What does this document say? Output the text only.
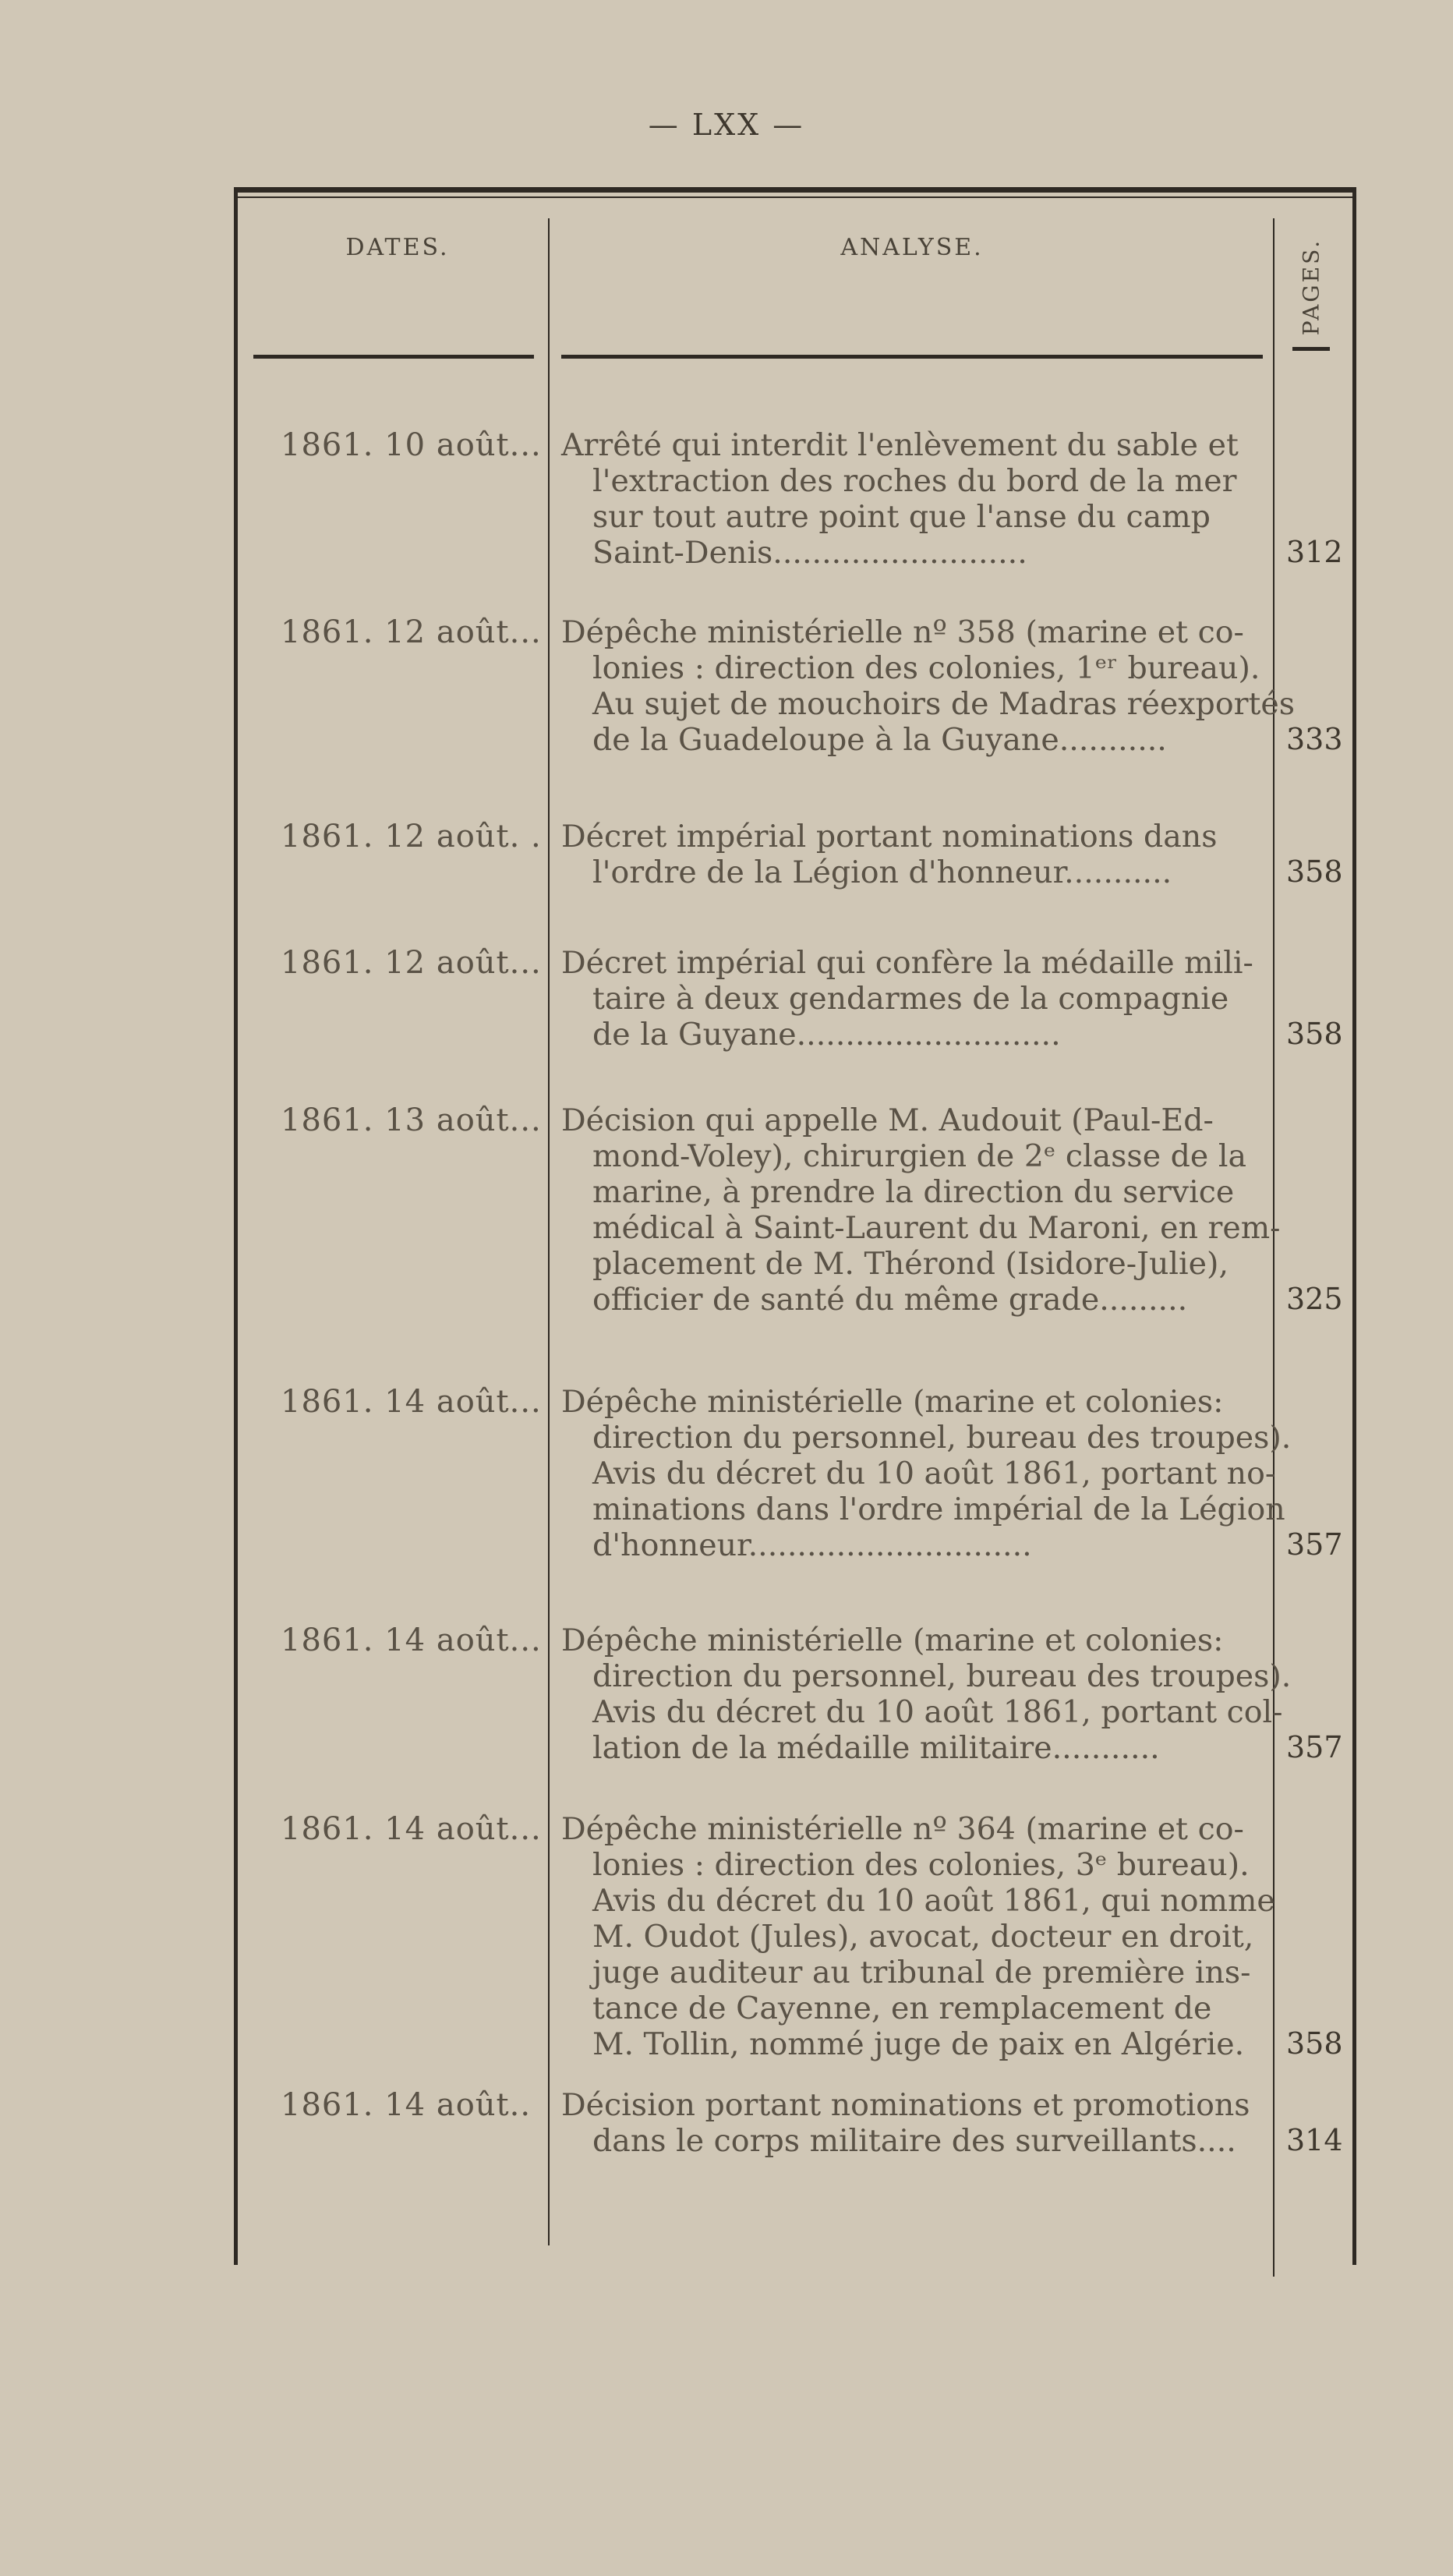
— LXX —
DATES.	ANALYSE.	PAGES.
1861. 10 août... Arrêté qui interdit l'enlèvement du sable et
l'extraction des roches du bord de la mer
sur tout autre point que l'anse du camp
Saint-Denis..........................	312
1861. 12 août... Dépêche ministérielle nº 358 (marine et co-
lonies : direction des colonies, 1ᵉʳ bureau).
Au sujet de mouchoirs de Madras réexportés
de la Guadeloupe à la Guyane...........	333
1861. 12 août. . Décret impérial portant nominations dans
l'ordre de la Légion d'honneur...........	358
1861. 12 août... Décret impérial qui confère la médaille mili-
taire à deux gendarmes de la compagnie
de la Guyane...........................	358
1861. 13 août... Décision qui appelle M. Audouit (Paul-Ed-
mond-Voley), chirurgien de 2ᵉ classe de la
marine, à prendre la direction du service
médical à Saint-Laurent du Maroni, en rem-
placement de M. Thérond (Isidore-Julie),
officier de santé du même grade.........	325
1861. 14 août... Dépêche ministérielle (marine et colonies:
direction du personnel, bureau des troupes).
Avis du décret du 10 août 1861, portant no-
minations dans l'ordre impérial de la Légion
d'honneur.............................	357
1861. 14 août... Dépêche ministérielle (marine et colonies:
direction du personnel, bureau des troupes).
Avis du décret du 10 août 1861, portant col-
lation de la médaille militaire...........	357
1861. 14 août... Dépêche ministérielle nº 364 (marine et co-
lonies : direction des colonies, 3ᵉ bureau).
Avis du décret du 10 août 1861, qui nomme
M. Oudot (Jules), avocat, docteur en droit,
juge auditeur au tribunal de première ins-
tance de Cayenne, en remplacement de
M. Tollin, nommé juge de paix en Algérie.	358
1861. 14 août.. Décision portant nominations et promotions
dans le corps militaire des surveillants....	314
